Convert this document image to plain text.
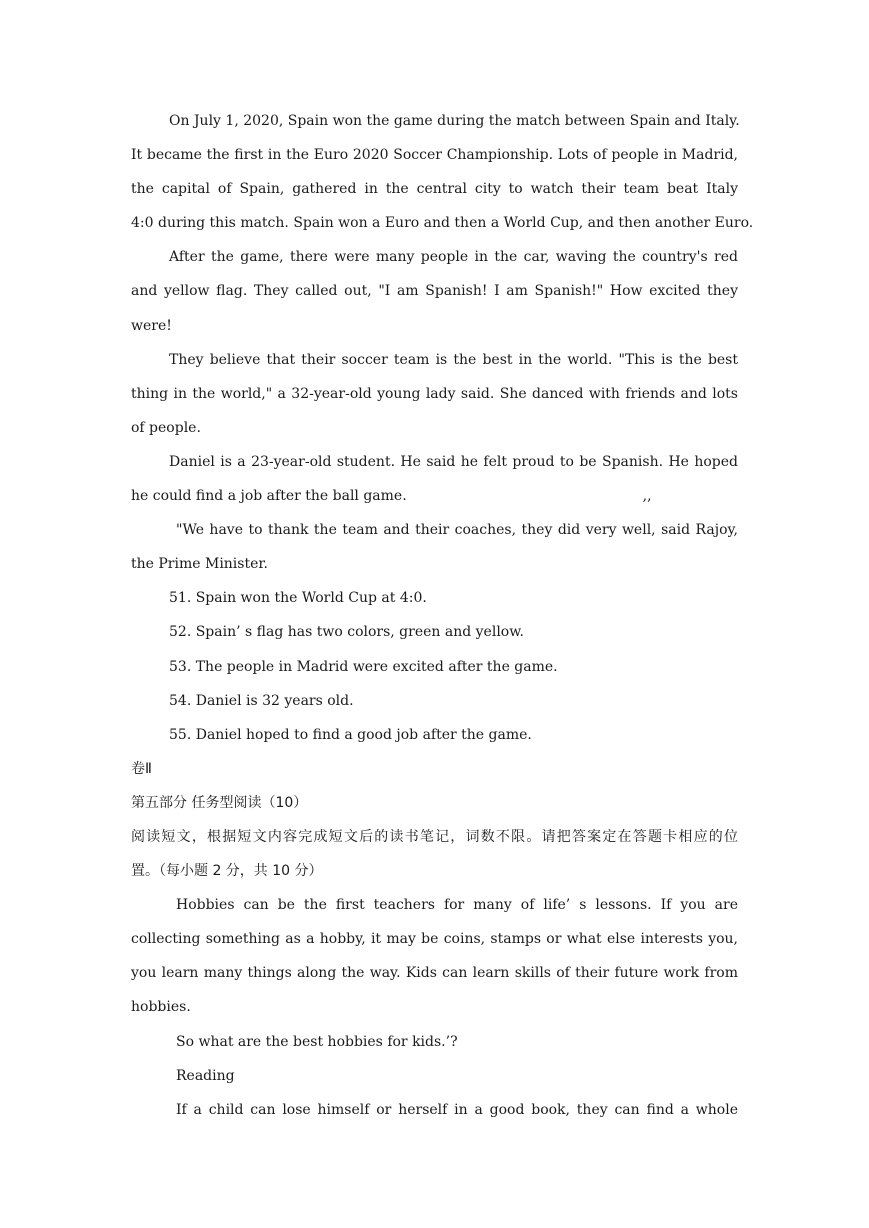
On July 1, 2020, Spain won the game during the match between Spain and Italy.
It became the first in the Euro 2020 Soccer Championship. Lots of people in Madrid,
the capital of Spain, gathered in the central city to watch their team beat Italy
4:0 during this match. Spain won a Euro and then a World Cup, and then another Euro.
After the game, there were many people in the car, waving the country's red
and yellow flag. They called out, "I am Spanish! I am Spanish!" How excited they
were!
They believe that their soccer team is the best in the world. "This is the best
thing in the world," a 32-year-old young lady said. She danced with friends and lots
of people.
Daniel is a 23-year-old student. He said he felt proud to be Spanish. He hoped
he could find a job after the ball game.	,,
"We have to thank the team and their coaches, they did very well, said Rajoy,
the Prime Minister.
51. Spain won the World Cup at 4:0.
52. Spain’ s flag has two colors, green and yellow.
53. The people in Madrid were excited after the game.
54. Daniel is 32 years old.
55. Daniel hoped to find a good job after the game.
卷Ⅱ
第五部分 任务型阅读（10）
阅读短文，根据短文内容完成短文后的读书笔记，词数不限。请把答案定在答题卡相应的位
置。（每小题 2 分，共 10 分）
Hobbies can be the first teachers for many of life’ s lessons. If you are
collecting something as a hobby, it may be coins, stamps or what else interests you,
you learn many things along the way. Kids can learn skills of their future work from
hobbies.
So what are the best hobbies for kids.’?
Reading
If a child can lose himself or herself in a good book, they can find a whole
